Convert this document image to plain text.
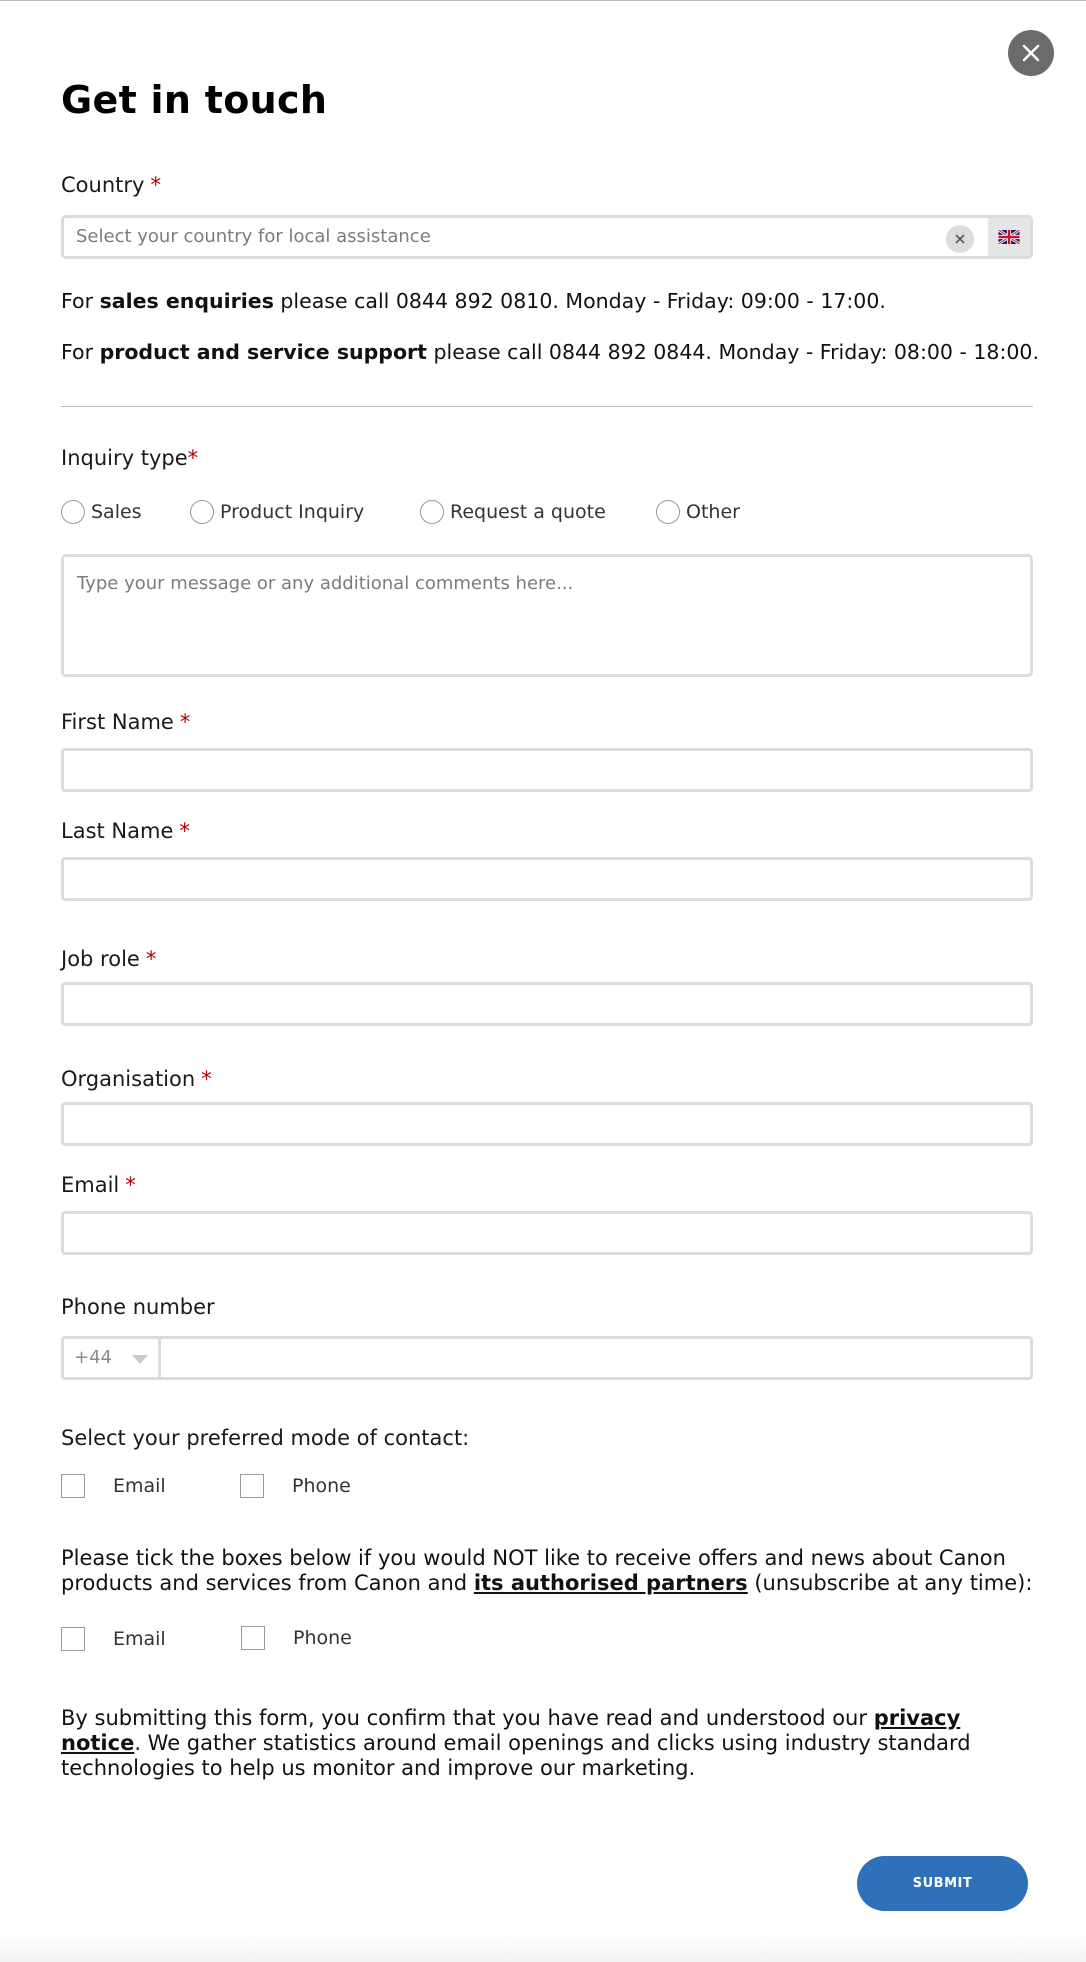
Get in touch
Country *
Select your country for local assistance
For sales enquiries please call 0844 892 0810. Monday - Friday: 09:00 - 17:00.
For product and service support please call 0844 892 0844. Monday - Friday: 08:00 - 18:00.
Inquiry type*
Sales	Product Inquiry	Request a quote	Other
Type your message or any additional comments here...
First Name *
Last Name *
Job role *
Organisation *
Email *
Phone number
+44
Select your preferred mode of contact:
Email	Phone
Please tick the boxes below if you would NOT like to receive offers and news about Canon products and services from Canon and its authorised partners (unsubscribe at any time):
Email	Phone
By submitting this form, you confirm that you have read and understood our privacy notice. We gather statistics around email openings and clicks using industry standard technologies to help us monitor and improve our marketing.
SUBMIT
